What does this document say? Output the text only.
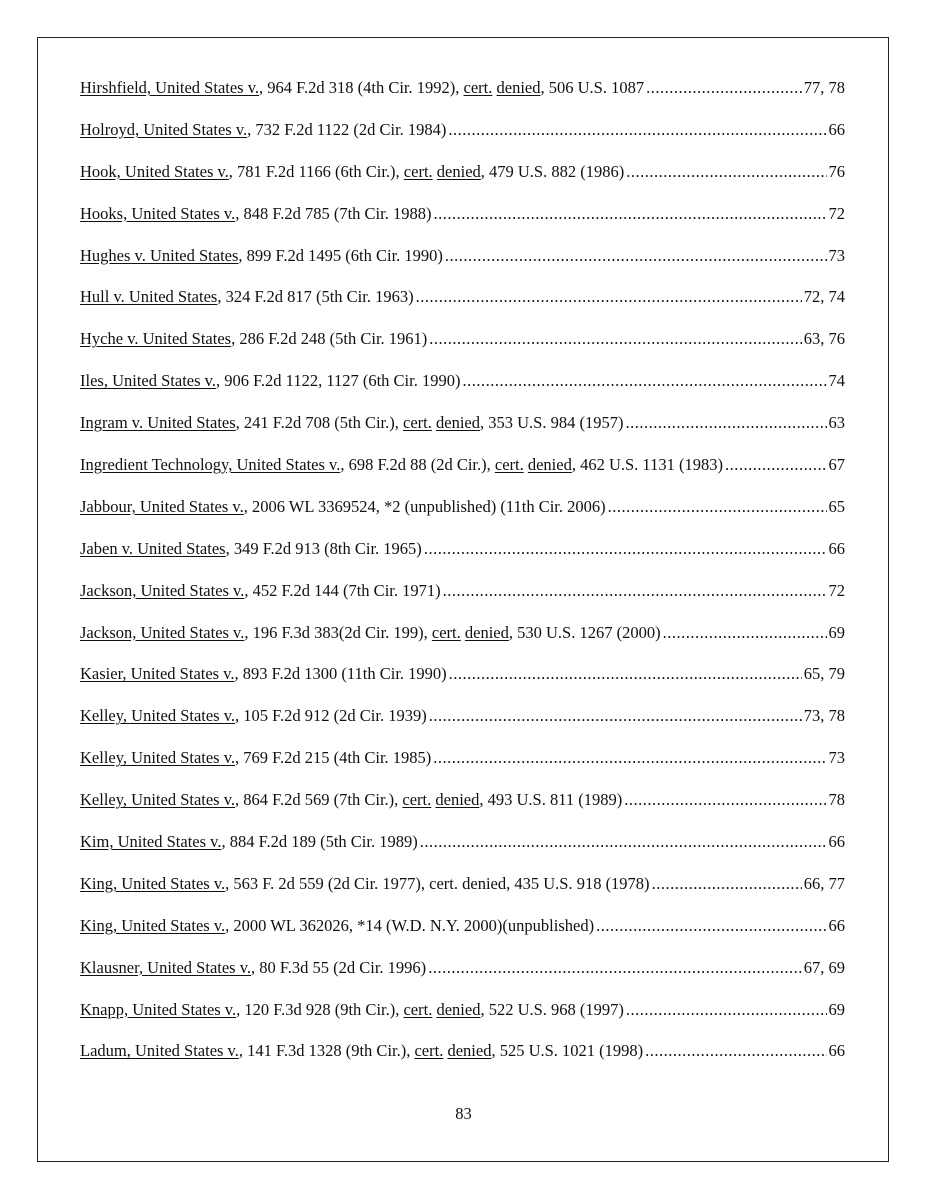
Hirshfield, United States v., 964 F.2d 318 (4th Cir. 1992), cert. denied, 506 U.S. 1087 .....	77, 78
Holroyd, United States v., 732 F.2d 1122 (2d Cir. 1984) .....	66
Hook, United States v., 781 F.2d 1166 (6th Cir.), cert. denied, 479 U.S. 882 (1986) .....	76
Hooks, United States v., 848 F.2d 785 (7th Cir. 1988) .....	72
Hughes v. United States, 899 F.2d 1495 (6th Cir. 1990) .....	73
Hull v. United States, 324 F.2d 817 (5th Cir. 1963) .....	72, 74
Hyche v. United States, 286 F.2d 248 (5th Cir. 1961) .....	63, 76
Iles, United States v., 906 F.2d 1122, 1127 (6th Cir. 1990) .....	74
Ingram v. United States, 241 F.2d 708 (5th Cir.), cert. denied, 353 U.S. 984 (1957) .....	63
Ingredient Technology, United States v., 698 F.2d 88 (2d Cir.), cert. denied, 462 U.S. 1131 (1983) .....	67
Jabbour, United States v., 2006 WL 3369524, *2 (unpublished) (11th Cir. 2006) .....	65
Jaben v. United States, 349 F.2d 913 (8th Cir. 1965) .....	66
Jackson, United States v., 452 F.2d 144 (7th Cir. 1971) .....	72
Jackson, United States v., 196 F.3d 383(2d Cir. 199), cert. denied, 530 U.S. 1267 (2000) .....	69
Kasier, United States v., 893 F.2d 1300 (11th Cir. 1990) .....	65, 79
Kelley, United States v., 105 F.2d 912 (2d Cir. 1939) .....	73, 78
Kelley, United States v., 769 F.2d 215 (4th Cir. 1985) .....	73
Kelley, United States v., 864 F.2d 569 (7th Cir.), cert. denied, 493 U.S. 811 (1989) .....	78
Kim, United States v., 884 F.2d 189 (5th Cir. 1989) .....	66
King, United States v., 563 F. 2d 559 (2d Cir. 1977), cert. denied, 435 U.S. 918 (1978) .....	66, 77
King, United States v., 2000 WL 362026, *14 (W.D. N.Y. 2000)(unpublished) .....	66
Klausner, United States v., 80 F.3d 55 (2d Cir. 1996) .....	67, 69
Knapp, United States v., 120 F.3d 928 (9th Cir.), cert. denied, 522 U.S. 968 (1997) .....	69
Ladum, United States v., 141 F.3d 1328 (9th Cir.), cert. denied, 525 U.S. 1021 (1998) .....	66
83
